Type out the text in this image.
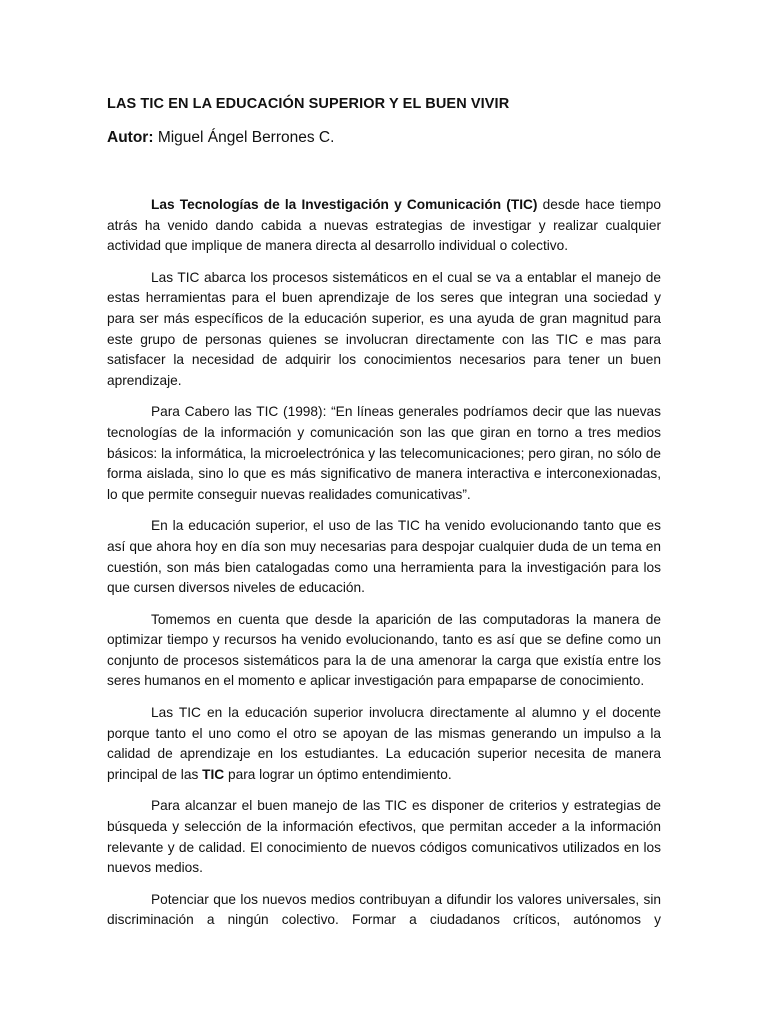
LAS TIC EN LA EDUCACIÓN SUPERIOR Y EL BUEN VIVIR

Autor: Miguel Ángel Berrones C.

Las Tecnologías de la Investigación y Comunicación (TIC) desde hace tiempo atrás ha venido dando cabida a nuevas estrategias de investigar y realizar cualquier actividad que implique de manera directa al desarrollo individual o colectivo.

Las TIC abarca los procesos sistemáticos en el cual se va a entablar el manejo de estas herramientas para el buen aprendizaje de los seres que integran una sociedad y para ser más específicos de la educación superior, es una ayuda de gran magnitud para este grupo de personas quienes se involucran directamente con las TIC e mas para satisfacer la necesidad de adquirir los conocimientos necesarios para tener un buen aprendizaje.

Para Cabero las TIC (1998): “En líneas generales podríamos decir que las nuevas tecnologías de la información y comunicación son las que giran en torno a tres medios básicos: la informática, la microelectrónica y las telecomunicaciones; pero giran, no sólo de forma aislada, sino lo que es más significativo de manera interactiva e interconexionadas, lo que permite conseguir nuevas realidades comunicativas”.

En la educación superior, el uso de las TIC ha venido evolucionando tanto que es así que ahora hoy en día son muy necesarias para despojar cualquier duda de un tema en cuestión, son más bien catalogadas como una herramienta para la investigación para los que cursen diversos niveles de educación.

Tomemos en cuenta que desde la aparición de las computadoras la manera de optimizar tiempo y recursos ha venido evolucionando, tanto es así que se define como un conjunto de procesos sistemáticos para la de una amenorar la carga que existía entre los seres humanos en el momento e aplicar investigación para empaparse de conocimiento.

Las TIC en la educación superior involucra directamente al alumno y el docente porque tanto el uno como el otro se apoyan de las mismas generando un impulso a la calidad de aprendizaje en los estudiantes. La educación superior necesita de manera principal de las TIC para lograr un óptimo entendimiento.

Para alcanzar el buen manejo de las TIC es disponer de criterios y estrategias de búsqueda y selección de la información efectivos, que permitan acceder a la información relevante y de calidad. El conocimiento de nuevos códigos comunicativos utilizados en los nuevos medios.

Potenciar que los nuevos medios contribuyan a difundir los valores universales, sin discriminación a ningún colectivo. Formar a ciudadanos críticos, autónomos y
